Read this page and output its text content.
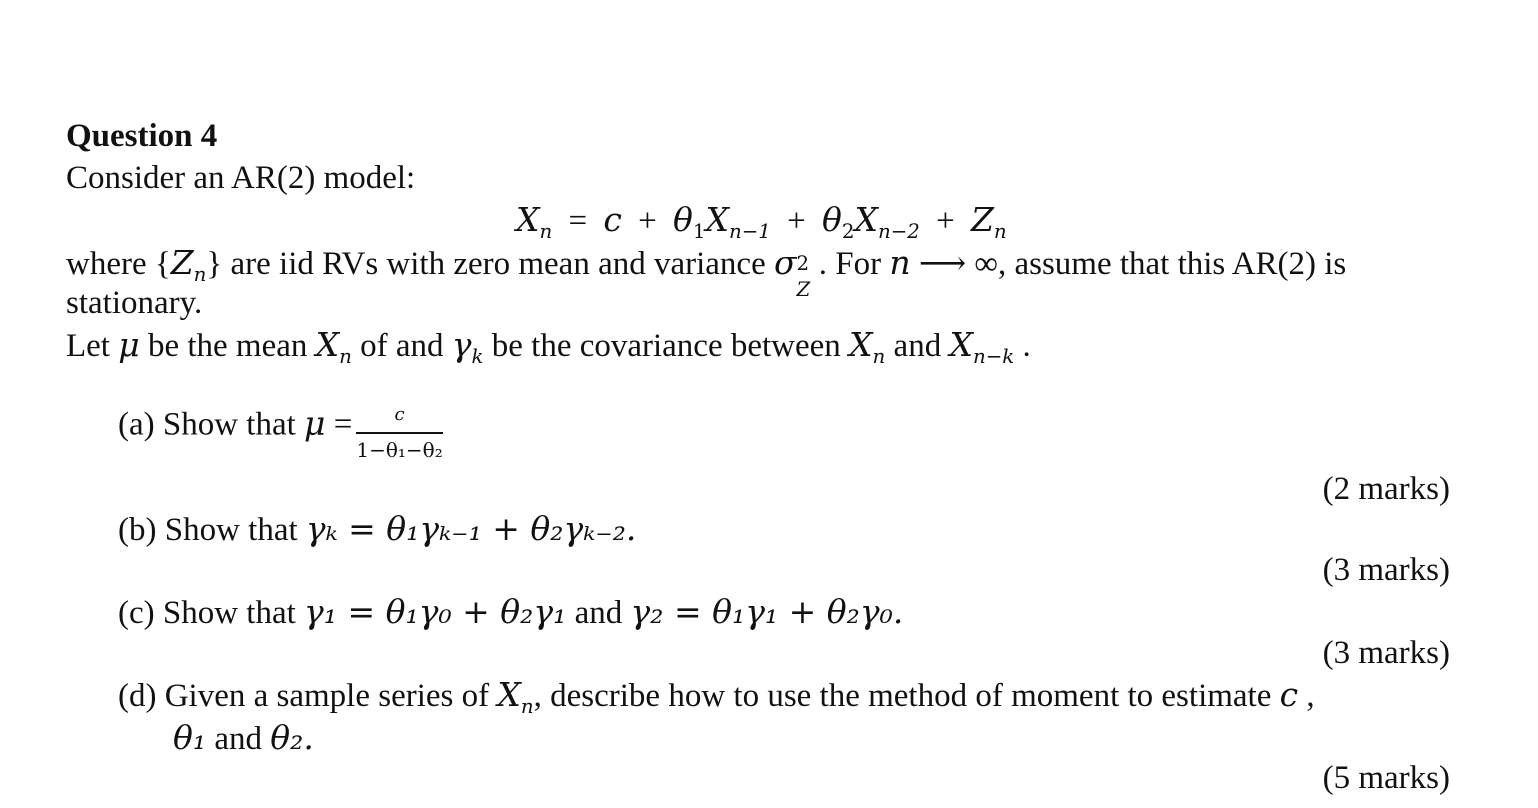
Question 4
Consider an AR(2) model:
$X_n = c + \theta_1X_{n-1} + \theta_2X_{n-2} + Z_n$
where $\{Z_n\}$ are iid RVs with zero mean and variance σ 2
Z
. For n ⟶ ∞, assume that this AR(2) is
stationary.
Let μ be the mean $X_n$ of and $\gamma_k$ be the covariance between $X_n$ and $X_{n-k}$ .
(a) Show that $\mu = \frac{c}{\text{1−θ₁−θ₂}}$
(2 marks)
(b) Show that γₖ = θ₁γₖ₋₁ + θ₂γₖ₋₂.
(3 marks)
(c) Show that γ₁ = θ₁γ₀ + θ₂γ₁ and γ₂ = θ₁γ₁ + θ₂γ₀.
(3 marks)
(d) Given a sample series of $X_n$, describe how to use the method of moment to estimate c ,
θ₁ and θ₂.
(5 marks)
